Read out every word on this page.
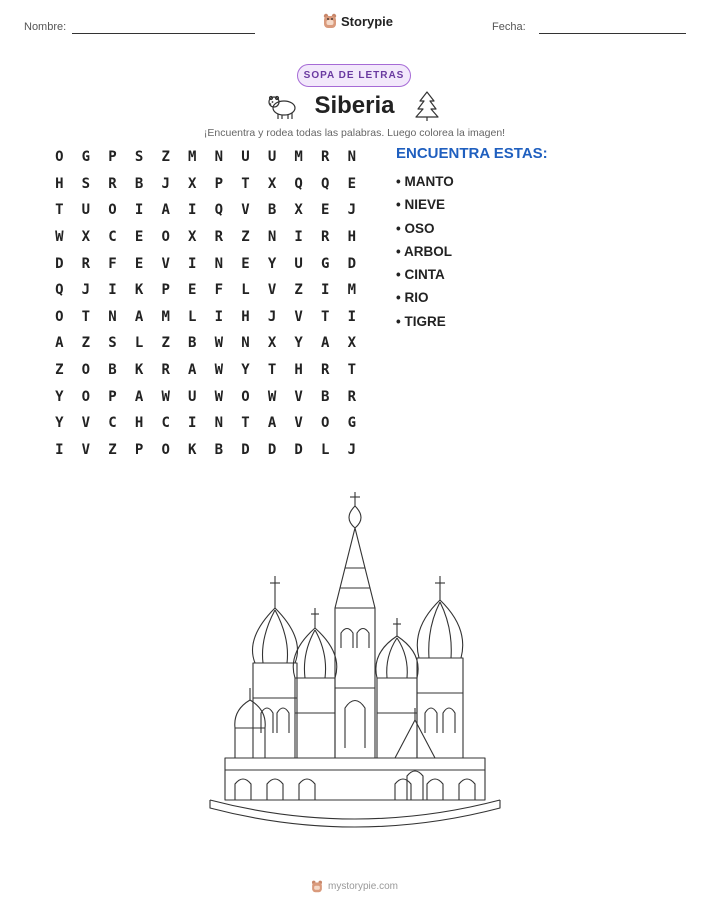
Nombre:	Storypie	Fecha:
SOPA DE LETRAS
Siberia
¡Encuentra y rodea todas las palabras. Luego colorea la imagen!
O	G	P	S	Z	M	N	U	U	M	R	N
H	S	R	B	J	X	P	T	X	Q	Q	E
T	U	O	I	A	I	Q	V	B	X	E	J
W	X	C	E	O	X	R	Z	N	I	R	H
D	R	F	E	V	I	N	E	Y	U	G	D
Q	J	I	K	P	E	F	L	V	Z	I	M
O	T	N	A	M	L	I	H	J	V	T	I
A	Z	S	L	Z	B	W	N	X	Y	A	X
Z	O	B	K	R	A	W	Y	T	H	R	T
Y	O	P	A	W	U	W	O	W	V	B	R
Y	V	C	H	C	I	N	T	A	V	O	G
I	V	Z	P	O	K	B	D	D	D	L	J
ENCUENTRA ESTAS:
• MANTO
• NIEVE
• OSO
• ARBOL
• CINTA
• RIO
• TIGRE
mystorypie.com
